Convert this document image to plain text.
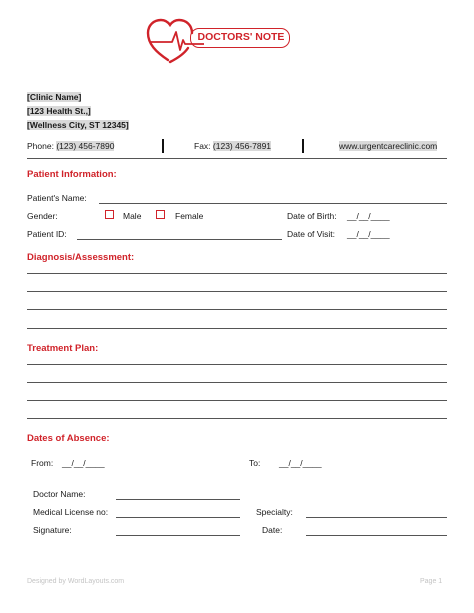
DOCTORS' NOTE
[Clinic Name]
[123 Health St.,]
[Wellness City, ST 12345]
Phone: (123) 456-7890	Fax: (123) 456-7891	www.urgentcareclinic.com
Patient Information:
Patient's Name:
Gender:	Male	Female	Date of Birth: __/__/____
Patient ID:	Date of Visit: __/__/____
Diagnosis/Assessment:
Treatment Plan:
Dates of Absence:
From: __/__/____	To: __/__/____
Doctor Name:
Medical License no:	Specialty:
Signature:	Date:
Designed by WordLayouts.com	Page 1
